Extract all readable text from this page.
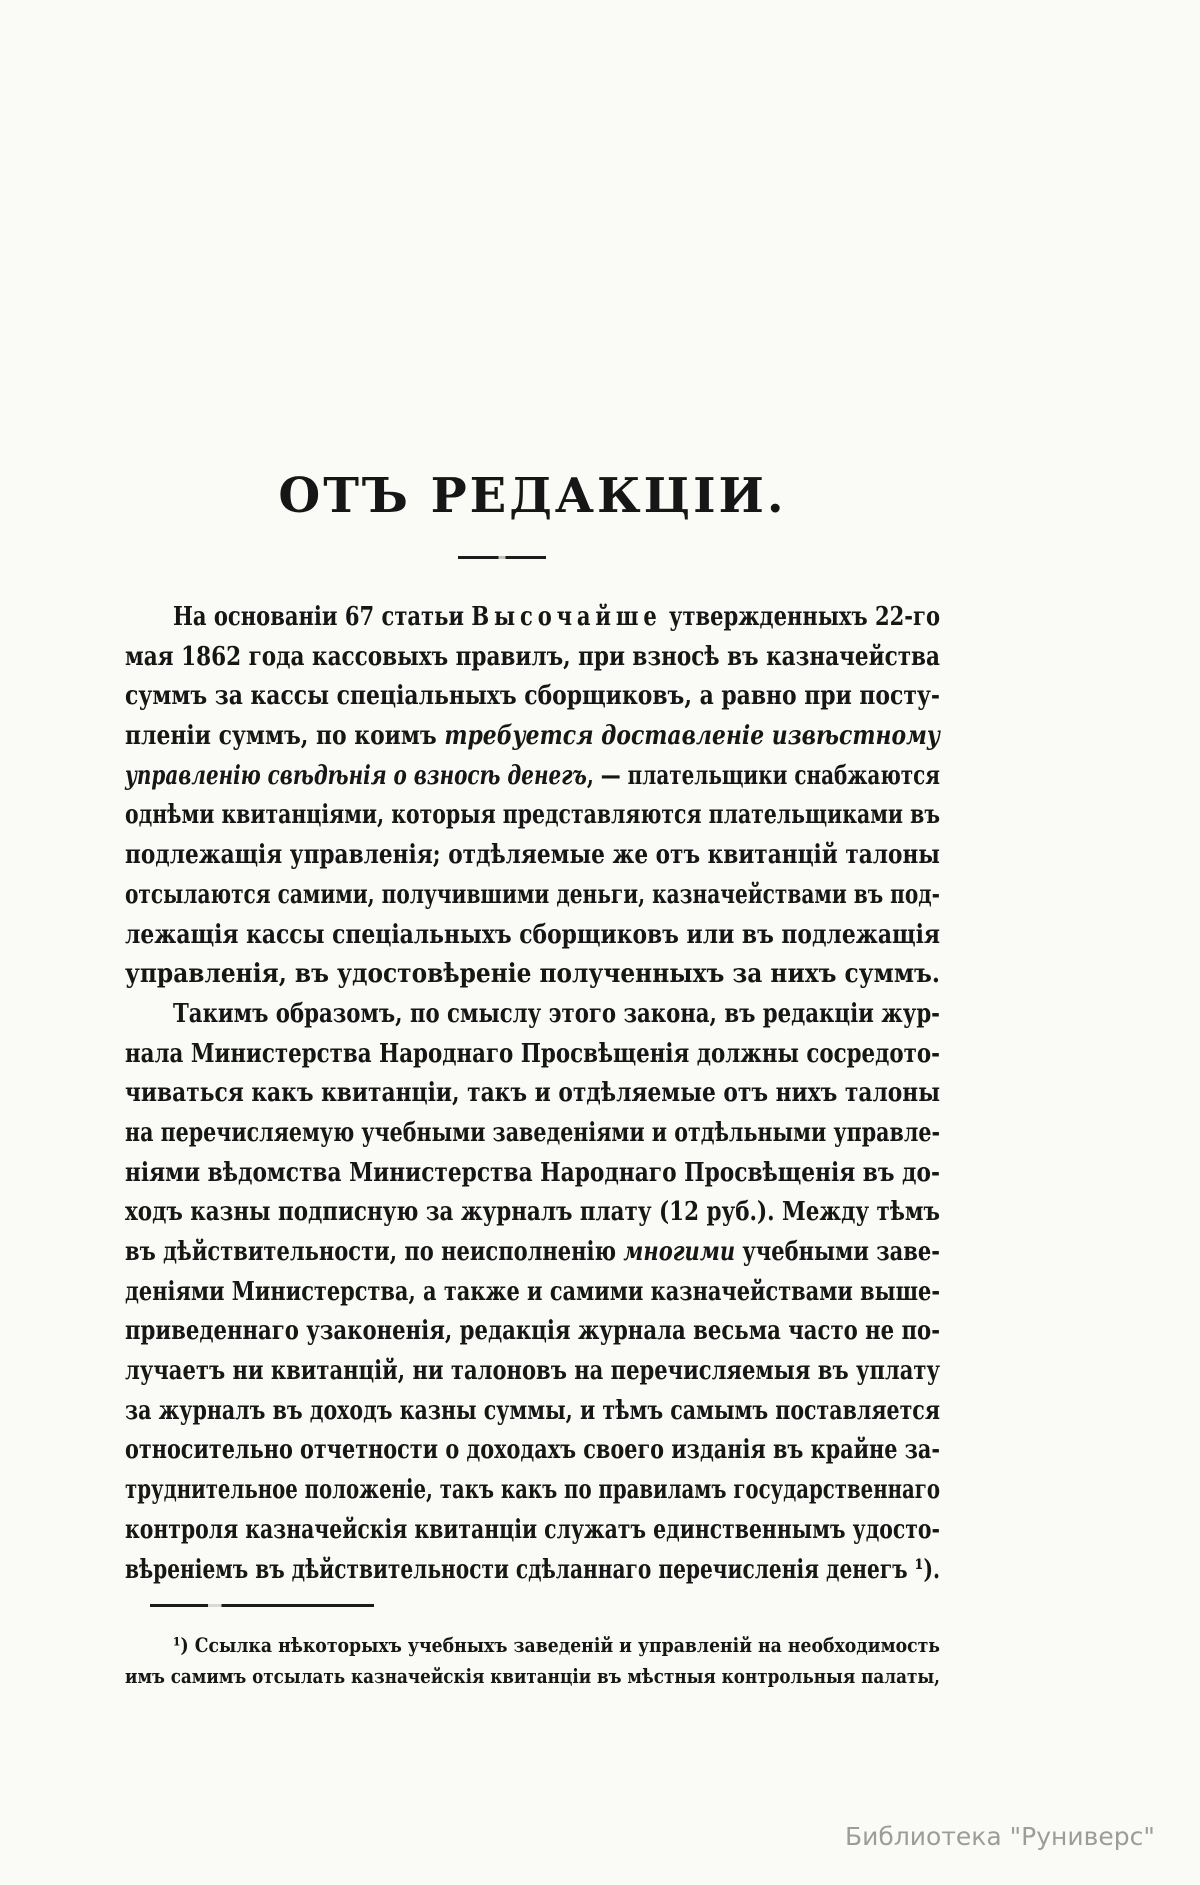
ОТЪ РЕДАКЦІИ.
На основаніи 67 статьи Высочайше утвержденныхъ 22-го
мая 1862 года кассовыхъ правилъ, при взносѣ въ казначейства
суммъ за кассы спеціальныхъ сборщиковъ, а равно при посту-
пленіи суммъ, по коимъ требуется доставленіе извѣстному
управленію свѣдѣнія о взносѣ денегъ, — плательщики снабжаются
однѣми квитанціями, которыя представляются плательщиками въ
подлежащія управленія; отдѣляемые же отъ квитанцій талоны
отсылаются самими, получившими деньги, казначействами въ под-
лежащія кассы спеціальныхъ сборщиковъ или въ подлежащія
управленія, въ удостовѣреніе полученныхъ за нихъ суммъ.
Такимъ образомъ, по смыслу этого закона, въ редакціи жур-
нала Министерства Народнаго Просвѣщенія должны сосредото-
чиваться какъ квитанціи, такъ и отдѣляемые отъ нихъ талоны
на перечисляемую учебными заведеніями и отдѣльными управле-
ніями вѣдомства Министерства Народнаго Просвѣщенія въ до-
ходъ казны подписную за журналъ плату (12 руб.). Между тѣмъ
въ дѣйствительности, по неисполненію многими учебными заве-
деніями Министерства, а также и самими казначействами выше-
приведеннаго узаконенія, редакція журнала весьма часто не по-
лучаетъ ни квитанцій, ни талоновъ на перечисляемыя въ уплату
за журналъ въ доходъ казны суммы, и тѣмъ самымъ поставляется
относительно отчетности о доходахъ своего изданія въ крайне за-
труднительное положеніе, такъ какъ по правиламъ государственнаго
контроля казначейскія квитанціи служатъ единственнымъ удосто-
вѣреніемъ въ дѣйствительности сдѣланнаго перечисленія денегъ ¹).
¹) Ссылка нѣкоторыхъ учебныхъ заведеній и управленій на необходимость
имъ самимъ отсылать казначейскія квитанціи въ мѣстныя контрольныя палаты,
Библиотека "Руниверс"
